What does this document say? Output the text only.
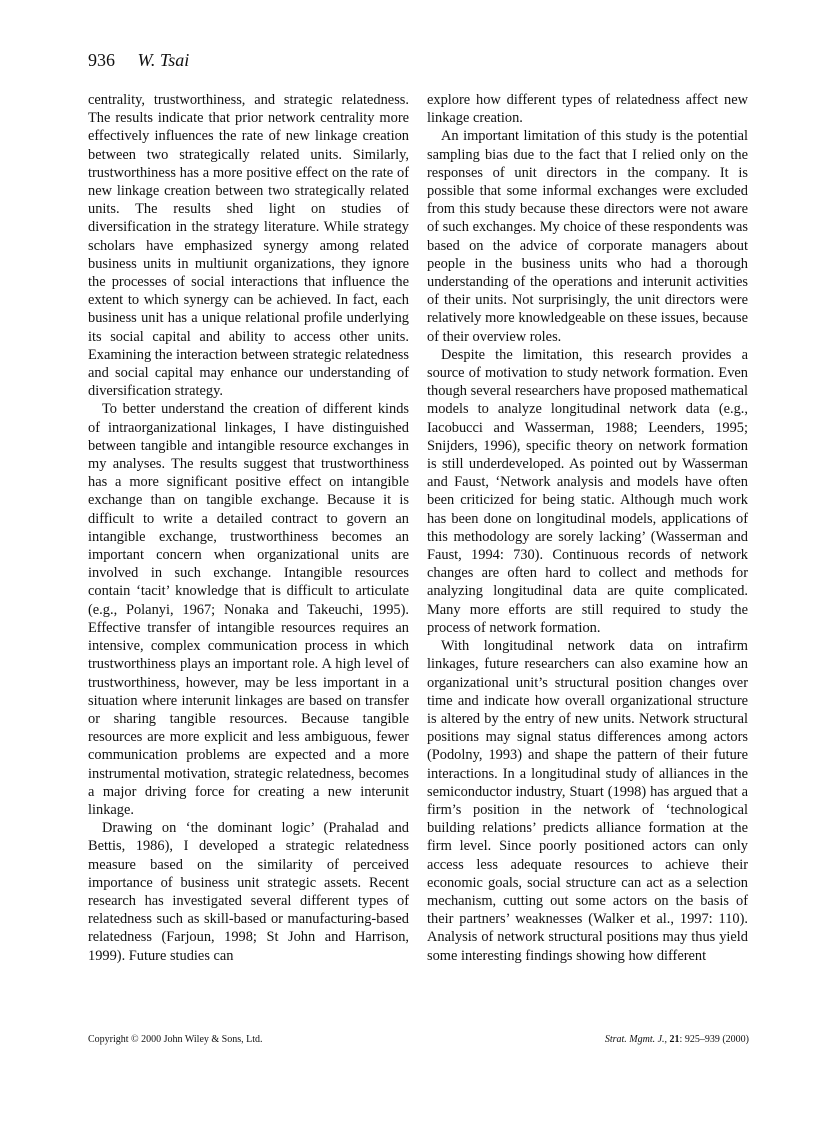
936 W. Tsai

centrality, trustworthiness, and strategic relatedness. The results indicate that prior network centrality more effectively influences the rate of new linkage creation between two strategically related units. Similarly, trustworthiness has a more positive effect on the rate of new linkage creation between two strategically related units. The results shed light on studies of diversification in the strategy literature. While strategy scholars have emphasized synergy among related business units in multiunit organizations, they ignore the processes of social interactions that influence the extent to which synergy can be achieved. In fact, each business unit has a unique relational profile underlying its social capital and ability to access other units. Examining the interaction between strategic relatedness and social capital may enhance our understanding of diversification strategy.

To better understand the creation of different kinds of intraorganizational linkages, I have distinguished between tangible and intangible resource exchanges in my analyses. The results suggest that trustworthiness has a more significant positive effect on intangible exchange than on tangible exchange. Because it is difficult to write a detailed contract to govern an intangible exchange, trustworthiness becomes an important concern when organizational units are involved in such exchange. Intangible resources contain ‘tacit’ knowledge that is difficult to articulate (e.g., Polanyi, 1967; Nonaka and Takeuchi, 1995). Effective transfer of intangible resources requires an intensive, complex communication process in which trustworthiness plays an important role. A high level of trustworthiness, however, may be less important in a situation where interunit linkages are based on transfer or sharing tangible resources. Because tangible resources are more explicit and less ambiguous, fewer communication problems are expected and a more instrumental motivation, strategic relatedness, becomes a major driving force for creating a new interunit linkage.

Drawing on ‘the dominant logic’ (Prahalad and Bettis, 1986), I developed a strategic relatedness measure based on the similarity of perceived importance of business unit strategic assets. Recent research has investigated several different types of relatedness such as skill-based or manufacturing-based relatedness (Farjoun, 1998; St John and Harrison, 1999). Future studies can

explore how different types of relatedness affect new linkage creation.

An important limitation of this study is the potential sampling bias due to the fact that I relied only on the responses of unit directors in the company. It is possible that some informal exchanges were excluded from this study because these directors were not aware of such exchanges. My choice of these respondents was based on the advice of corporate managers about people in the business units who had a thorough understanding of the operations and interunit activities of their units. Not surprisingly, the unit directors were relatively more knowledgeable on these issues, because of their overview roles.

Despite the limitation, this research provides a source of motivation to study network formation. Even though several researchers have proposed mathematical models to analyze longitudinal network data (e.g., Iacobucci and Wasserman, 1988; Leenders, 1995; Snijders, 1996), specific theory on network formation is still underdeveloped. As pointed out by Wasserman and Faust, ‘Network analysis and models have often been criticized for being static. Although much work has been done on longitudinal models, applications of this methodology are sorely lacking’ (Wasserman and Faust, 1994: 730). Continuous records of network changes are often hard to collect and methods for analyzing longitudinal data are quite complicated. Many more efforts are still required to study the process of network formation.

With longitudinal network data on intrafirm linkages, future researchers can also examine how an organizational unit’s structural position changes over time and indicate how overall organizational structure is altered by the entry of new units. Network structural positions may signal status differences among actors (Podolny, 1993) and shape the pattern of their future interactions. In a longitudinal study of alliances in the semiconductor industry, Stuart (1998) has argued that a firm’s position in the network of ‘technological building relations’ predicts alliance formation at the firm level. Since poorly positioned actors can only access less adequate resources to achieve their economic goals, social structure can act as a selection mechanism, cutting out some actors on the basis of their partners’ weaknesses (Walker et al., 1997: 110). Analysis of network structural positions may thus yield some interesting findings showing how different

Copyright © 2000 John Wiley & Sons, Ltd.	Strat. Mgmt. J., 21: 925–939 (2000)
